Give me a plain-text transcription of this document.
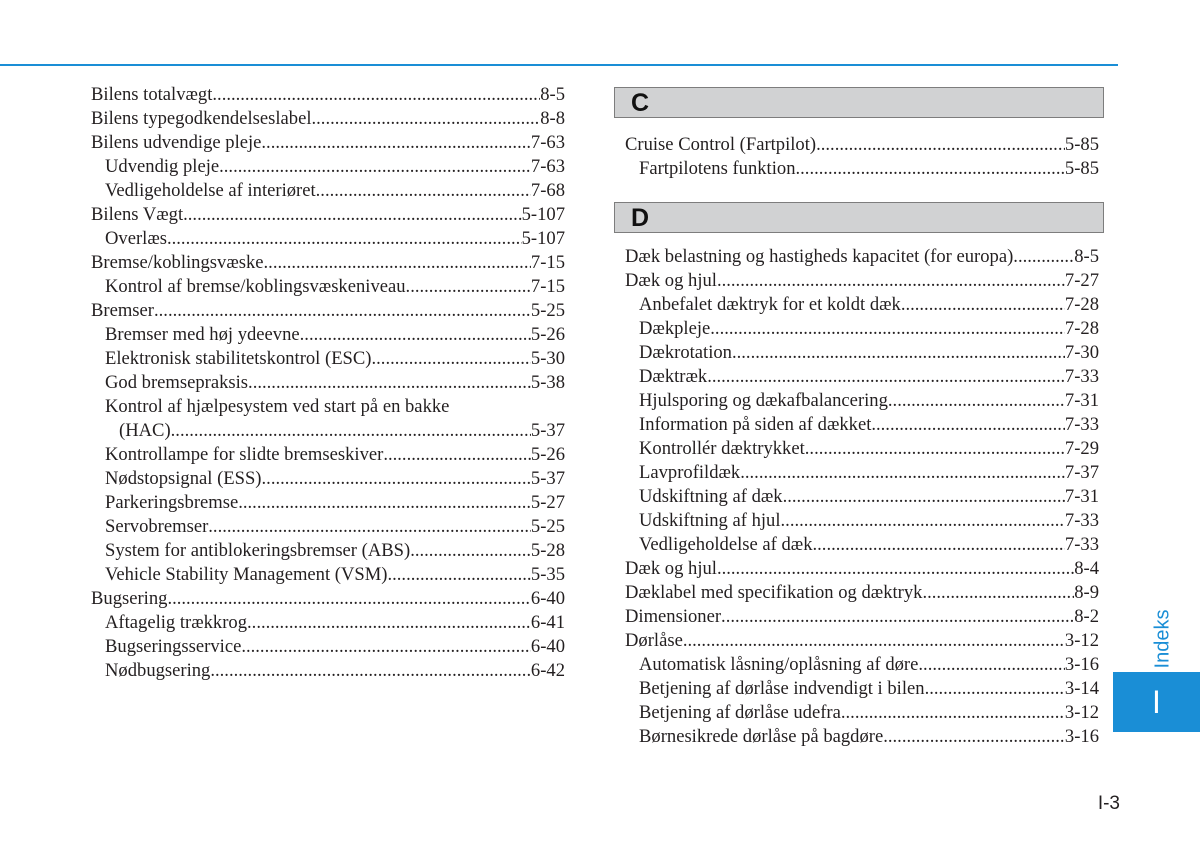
Bilens totalvægt .....	8-5
Bilens typegodkendelseslabel .....	8-8
Bilens udvendige pleje .....	7-63
Udvendig pleje .....	7-63
Vedligeholdelse af interiøret .....	7-68
Bilens Vægt .....	5-107
Overlæs .....	5-107
Bremse/koblingsvæske .....	7-15
Kontrol af bremse/koblingsvæskeniveau .....	7-15
Bremser .....	5-25
Bremser med høj ydeevne .....	5-26
Elektronisk stabilitetskontrol (ESC) .....	5-30
God bremsepraksis .....	5-38
Kontrol af hjælpesystem ved start på en bakke
(HAC) .....	5-37
Kontrollampe for slidte bremseskiver .....	5-26
Nødstopsignal (ESS) .....	5-37
Parkeringsbremse .....	5-27
Servobremser .....	5-25
System for antiblokeringsbremser (ABS) .....	5-28
Vehicle Stability Management (VSM) .....	5-35
Bugsering .....	6-40
Aftagelig trækkrog .....	6-41
Bugseringsservice .....	6-40
Nødbugsering .....	6-42
C
Cruise Control (Fartpilot) .....	5-85
Fartpilotens funktion .....	5-85
D
Dæk belastning og hastigheds kapacitet (for europa) .....	8-5
Dæk og hjul .....	7-27
Anbefalet dæktryk for et koldt dæk .....	7-28
Dækpleje .....	7-28
Dækrotation .....	7-30
Dæktræk .....	7-33
Hjulsporing og dækafbalancering .....	7-31
Information på siden af dækket .....	7-33
Kontrollér dæktrykket .....	7-29
Lavprofildæk .....	7-37
Udskiftning af dæk .....	7-31
Udskiftning af hjul .....	7-33
Vedligeholdelse af dæk .....	7-33
Dæk og hjul .....	8-4
Dæklabel med specifikation og dæktryk .....	8-9
Dimensioner .....	8-2
Dørlåse .....	3-12
Automatisk låsning/oplåsning af døre .....	3-16
Betjening af dørlåse indvendigt i bilen .....	3-14
Betjening af dørlåse udefra .....	3-12
Børnesikrede dørlåse på bagdøre .....	3-16
Indeks
I
I-3
